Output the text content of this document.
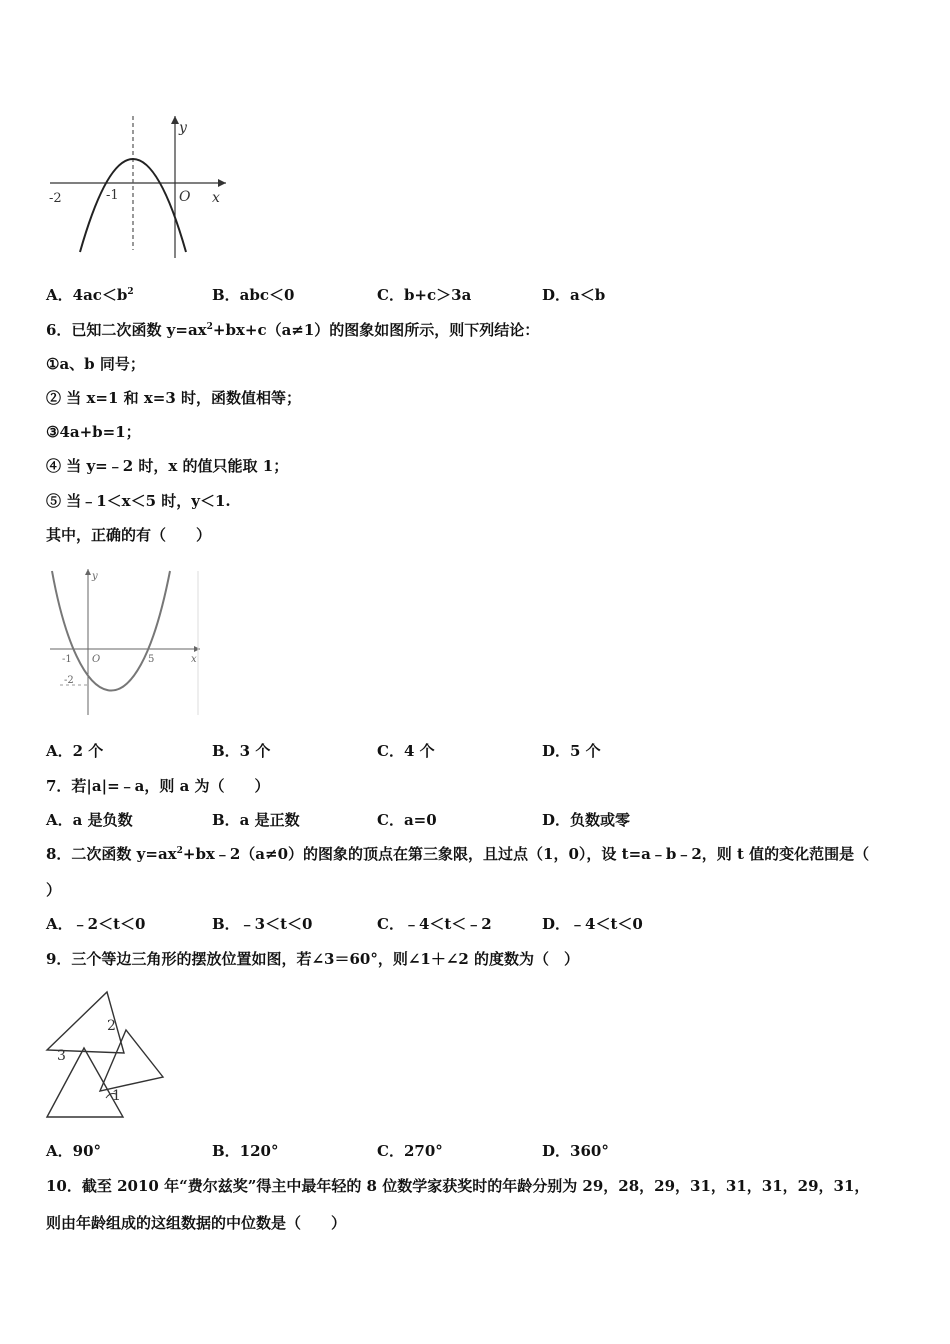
y
x
O
-2	-1
A．$4ac<b^2$	B．abc＜0	C．b+c＞3a	D．a＜b
6．已知二次函数 $y=ax^2+bx+c(a\ne 1)$的图象如图所示，则下列结论：
①a、b 同号；
② 当 x=1 和 x=3 时，函数值相等；
③4a+b=1；
④ 当 y=﹣2 时，x 的值只能取 1；
⑤ 当﹣1＜x＜5 时，y＜1.
其中，正确的有（　　）
y
x
O
-1	5
-2
A．2 个	B．3 个	C．4 个	D．5 个
7．若|a|=﹣a，则 a 为（　　）
A．a 是负数	B．a 是正数	C．a=0	D．负数或零
8．二次函数 $y=ax^2+bx﹣2(a\ne 0)$的图象的顶点在第三象限，且过点（1，0），设 t=a﹣b﹣2，则 t 值的变化范围是（
）
A．﹣2＜t＜0	B．﹣3＜t＜0	C．﹣4＜t＜﹣2	D．﹣4＜t＜0
9．三个等边三角形的摆放位置如图，若∠3＝60°，则∠1＋∠2 的度数为（　）
2
3
1
A．90°	B．120°	C．270°	D．360°
10．截至 2010 年“费尔兹奖”得主中最年轻的 8 位数学家获奖时的年龄分别为 29，28，29，31，31，31，29，31，
则由年龄组成的这组数据的中位数是（　　）
